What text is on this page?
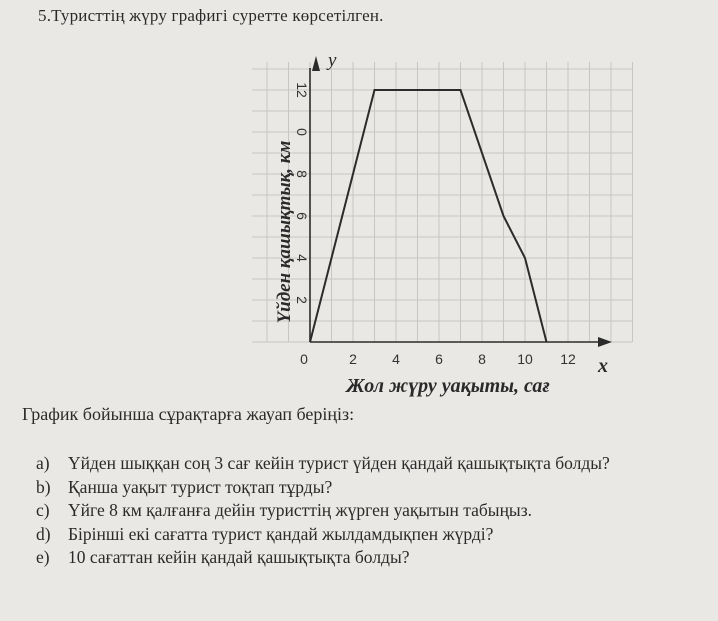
5.Туристтің жүру графигі суретте көрсетілген.
0	2	4	6	8 10 12
2
4
6
8
0
12
x
y
Жол жүру уақыты, сағ
Үйден қашықтық, км
График бойынша сұрақтарға жауап беріңіз:
a) Үйден шыққан соң 3 сағ кейін турист үйден қандай қашықтықта болды?
b) Қанша уақыт турист тоқтап тұрды?
c) Үйге 8 км қалғанға дейін туристтің жүрген уақытын табыңыз.
d) Бірінші екі сағатта турист қандай жылдамдықпен жүрді?
e) 10 сағаттан кейін қандай қашықтықта болды?
